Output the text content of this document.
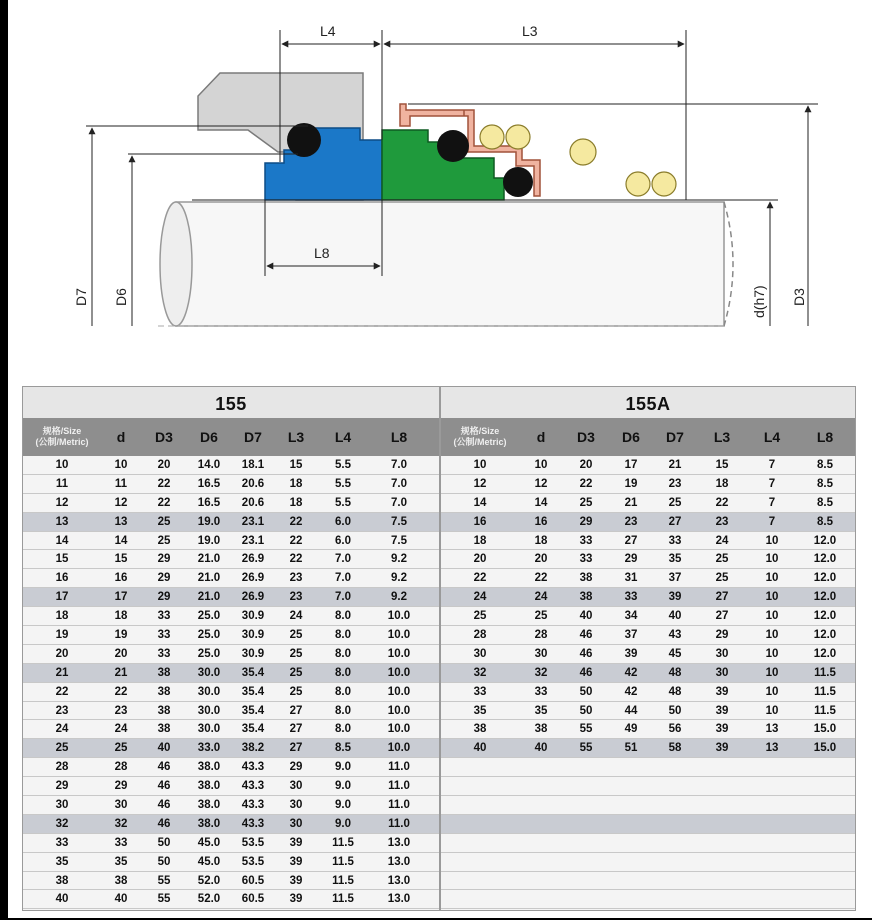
L4	L3
L8
D7 D6	d(h7) D3
155
规格/Size
(公制/Metric)	d	D3	D6	D7	L3	L4	L8
10	10	20	14.0	18.1	15	5.5	7.0
11	11	22	16.5	20.6	18	5.5	7.0
12	12	22	16.5	20.6	18	5.5	7.0
13	13	25	19.0	23.1	22	6.0	7.5
14	14	25	19.0	23.1	22	6.0	7.5
15	15	29	21.0	26.9	22	7.0	9.2
16	16	29	21.0	26.9	23	7.0	9.2
17	17	29	21.0	26.9	23	7.0	9.2
18	18	33	25.0	30.9	24	8.0	10.0
19	19	33	25.0	30.9	25	8.0	10.0
20	20	33	25.0	30.9	25	8.0	10.0
21	21	38	30.0	35.4	25	8.0	10.0
22	22	38	30.0	35.4	25	8.0	10.0
23	23	38	30.0	35.4	27	8.0	10.0
24	24	38	30.0	35.4	27	8.0	10.0
25	25	40	33.0	38.2	27	8.5	10.0
28	28	46	38.0	43.3	29	9.0	11.0
29	29	46	38.0	43.3	30	9.0	11.0
30	30	46	38.0	43.3	30	9.0	11.0
32	32	46	38.0	43.3	30	9.0	11.0
33	33	50	45.0	53.5	39	11.5	13.0
35	35	50	45.0	53.5	39	11.5	13.0
38	38	55	52.0	60.5	39	11.5	13.0
40	40	55	52.0	60.5	39	11.5	13.0
155A
规格/Size
(公制/Metric)	d	D3	D6	D7	L3	L4	L8
10	10	20	17	21	15	7	8.5
12	12	22	19	23	18	7	8.5
14	14	25	21	25	22	7	8.5
16	16	29	23	27	23	7	8.5
18	18	33	27	33	24	10	12.0
20	20	33	29	35	25	10	12.0
22	22	38	31	37	25	10	12.0
24	24	38	33	39	27	10	12.0
25	25	40	34	40	27	10	12.0
28	28	46	37	43	29	10	12.0
30	30	46	39	45	30	10	12.0
32	32	46	42	48	30	10	11.5
33	33	50	42	48	39	10	11.5
35	35	50	44	50	39	10	11.5
38	38	55	49	56	39	13	15.0
40	40	55	51	58	39	13	15.0
